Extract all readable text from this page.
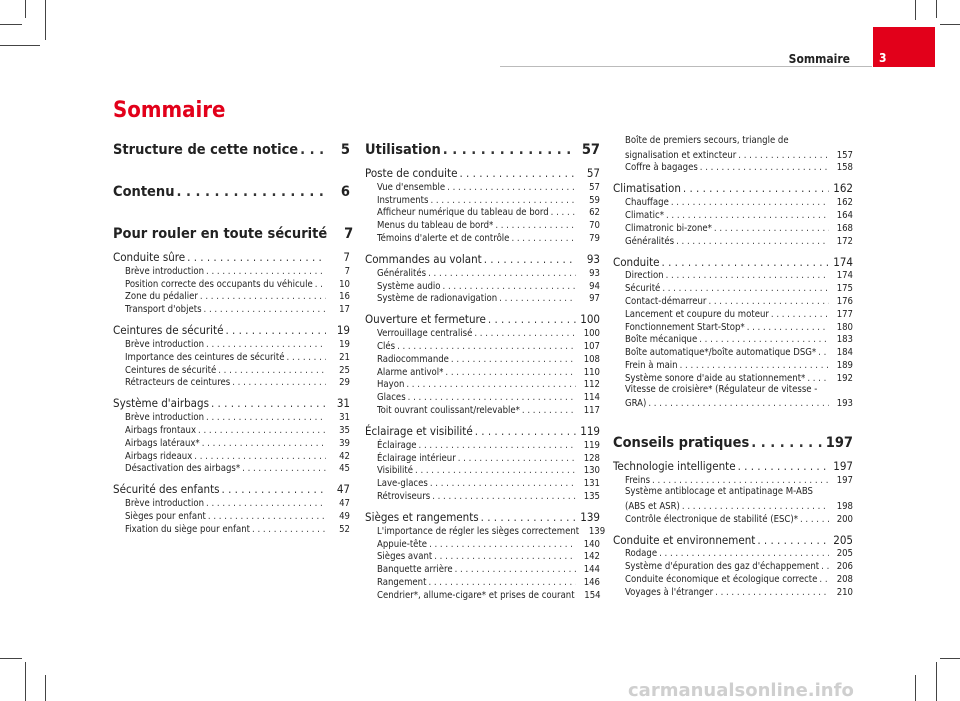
Sommaire 3
Sommaire
Structure de cette notice . . .	5
Contenu . . .	6
Pour rouler en toute sécurité	7
Conduite sûre . . .	7
Brève introduction . . .	7
Position correcte des occupants du véhicule . . .	10
Zone du pédalier . . .	16
Transport d'objets . . .	17
Ceintures de sécurité . . .	19
Brève introduction . . .	19
Importance des ceintures de sécurité . . .	21
Ceintures de sécurité . . .	25
Rétracteurs de ceintures . . .	29
Système d'airbags . . .	31
Brève introduction . . .	31
Airbags frontaux . . .	35
Airbags latéraux* . . .	39
Airbags rideaux . . .	42
Désactivation des airbags* . . .	45
Sécurité des enfants . . .	47
Brève introduction . . .	47
Sièges pour enfant . . .	49
Fixation du siège pour enfant . . .	52
Utilisation . . .	57
Poste de conduite . . .	57
Vue d'ensemble . . .	57
Instruments . . .	59
Afficheur numérique du tableau de bord . . .	62
Menus du tableau de bord* . . .	70
Témoins d'alerte et de contrôle . . .	79
Commandes au volant . . .	93
Généralités . . .	93
Système audio . . .	94
Système de radionavigation . . .	97
Ouverture et fermeture . . .	100
Verrouillage centralisé . . .	100
Clés . . .	107
Radiocommande . . .	108
Alarme antivol* . . .	110
Hayon . . .	112
Glaces . . .	114
Toit ouvrant coulissant/relevable* . . .	117
Éclairage et visibilité . . .	119
Éclairage . . .	119
Éclairage intérieur . . .	128
Visibilité . . .	130
Lave-glaces . . .	131
Rétroviseurs . . .	135
Sièges et rangements . . .	139
L'importance de régler les sièges correctement	139
Appuie-tête . . .	140
Sièges avant . . .	142
Banquette arrière . . .	144
Rangement . . .	146
Cendrier*, allume-cigare* et prises de courant	154
Boîte de premiers secours, triangle de
signalisation et extincteur . . .	157
Coffre à bagages . . .	158
Climatisation . . .	162
Chauffage . . .	162
Climatic* . . .	164
Climatronic bi-zone* . . .	168
Généralités . . .	172
Conduite . . .	174
Direction . . .	174
Sécurité . . .	175
Contact-démarreur . . .	176
Lancement et coupure du moteur . . .	177
Fonctionnement Start-Stop* . . .	180
Boîte mécanique . . .	183
Boîte automatique*/boîte automatique DSG* . . .	184
Frein à main . . .	189
Système sonore d'aide au stationnement* . . .	192
Vitesse de croisière* (Régulateur de vitesse -
GRA) . . .	193
Conseils pratiques . . .	197
Technologie intelligente . . .	197
Freins . . .	197
Système antiblocage et antipatinage M-ABS
(ABS et ASR) . . .	198
Contrôle électronique de stabilité (ESC)* . . .	200
Conduite et environnement . . .	205
Rodage . . .	205
Système d'épuration des gaz d'échappement . . .	206
Conduite économique et écologique correcte . . .	208
Voyages à l'étranger . . .	210
carmanualsonline.info
